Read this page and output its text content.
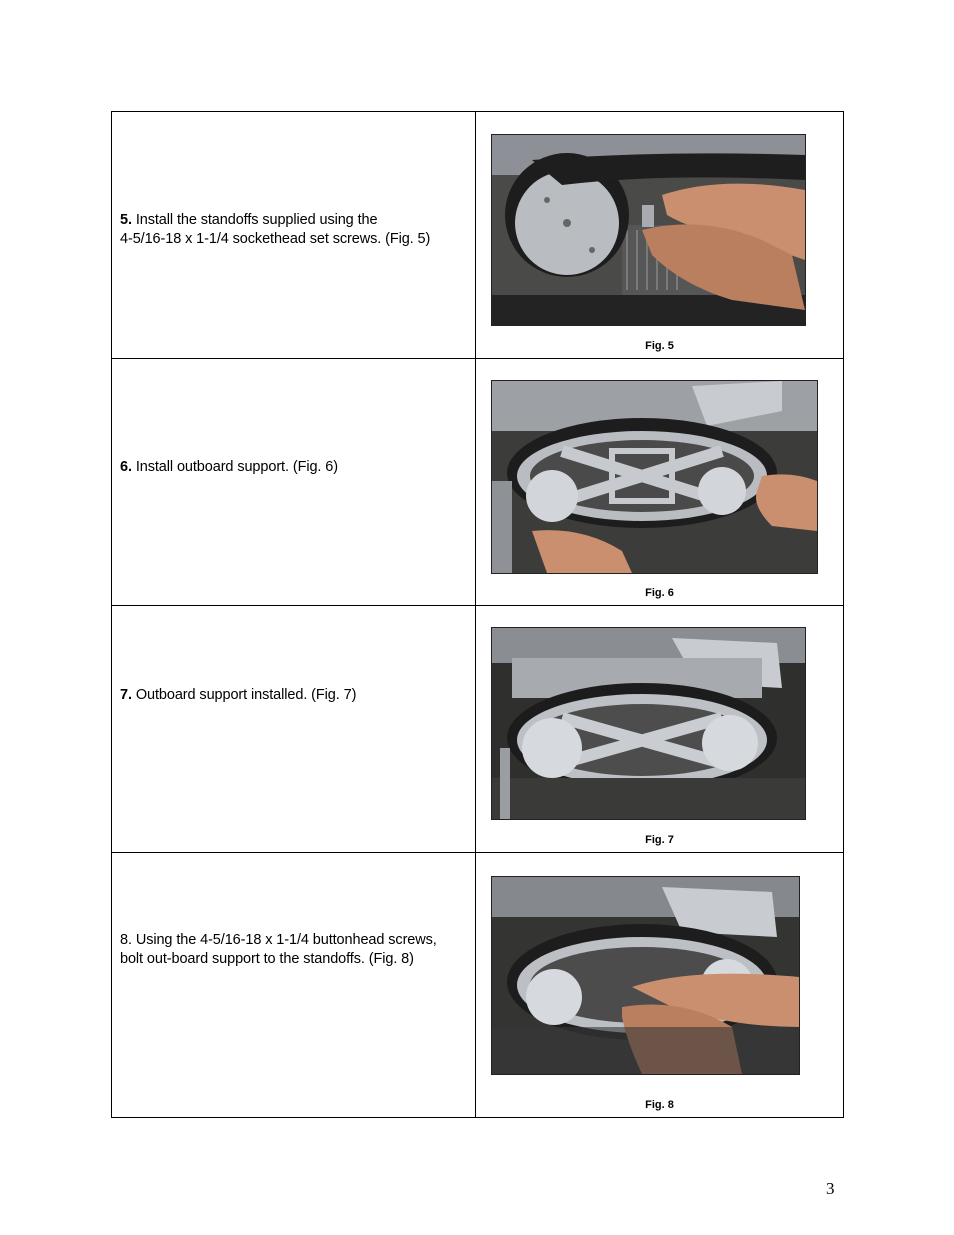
5. Install the standoffs supplied using the
4-5/16-18 x 1-1/4 sockethead set screws. (Fig. 5)	Fig. 5

6. Install outboard support. (Fig. 6)	Fig. 6

7. Outboard support installed. (Fig. 7)	Fig. 7

8. Using the 4-5/16-18 x 1-1/4 buttonhead screws,
bolt out-board support to the standoffs. (Fig. 8)	Fig. 8
3
